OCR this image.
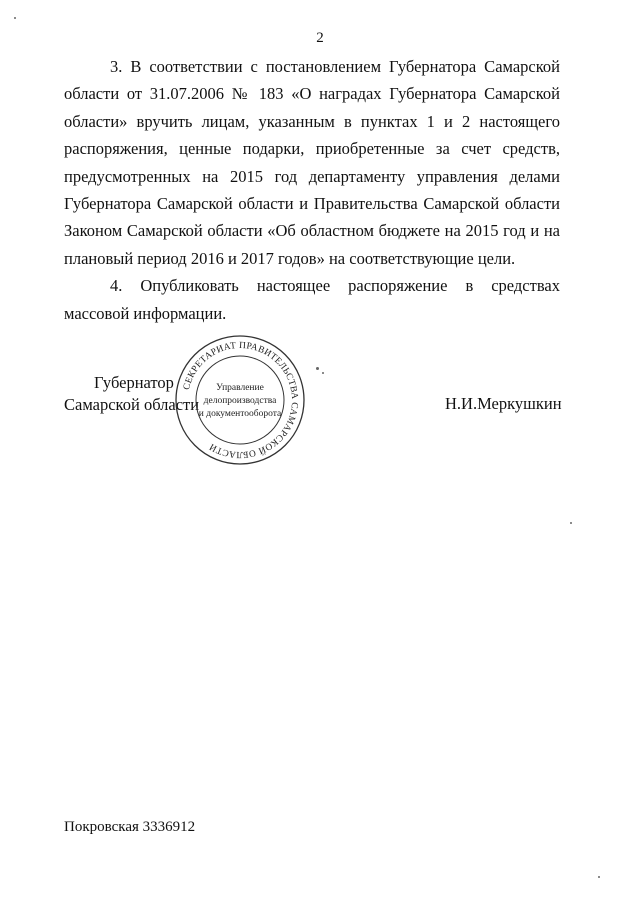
2

3. В соответствии с постановлением Губернатора Самарской области от 31.07.2006 № 183 «О наградах Губернатора Самарской области» вручить лицам, указанным в пунктах 1 и 2 настоящего распоряжения, ценные подарки, приобретенные за счет средств, предусмотренных на 2015 год департаменту управления делами Губернатора Самарской области и Правительства Самарской области Законом Самарской области «Об областном бюджете на 2015 год и на плановый период 2016 и 2017 годов» на соответствующие цели.

4. Опубликовать настоящее распоряжение в средствах массовой информации.

Губернатор
Самарской области
СЕКРЕТАРИАТ ПРАВИТЕЛЬСТВА САМАРСКОЙ ОБЛАСТИ
Управление
делопроизводства
и документооборота
Н.И.Меркушкин
Покровская 3336912
